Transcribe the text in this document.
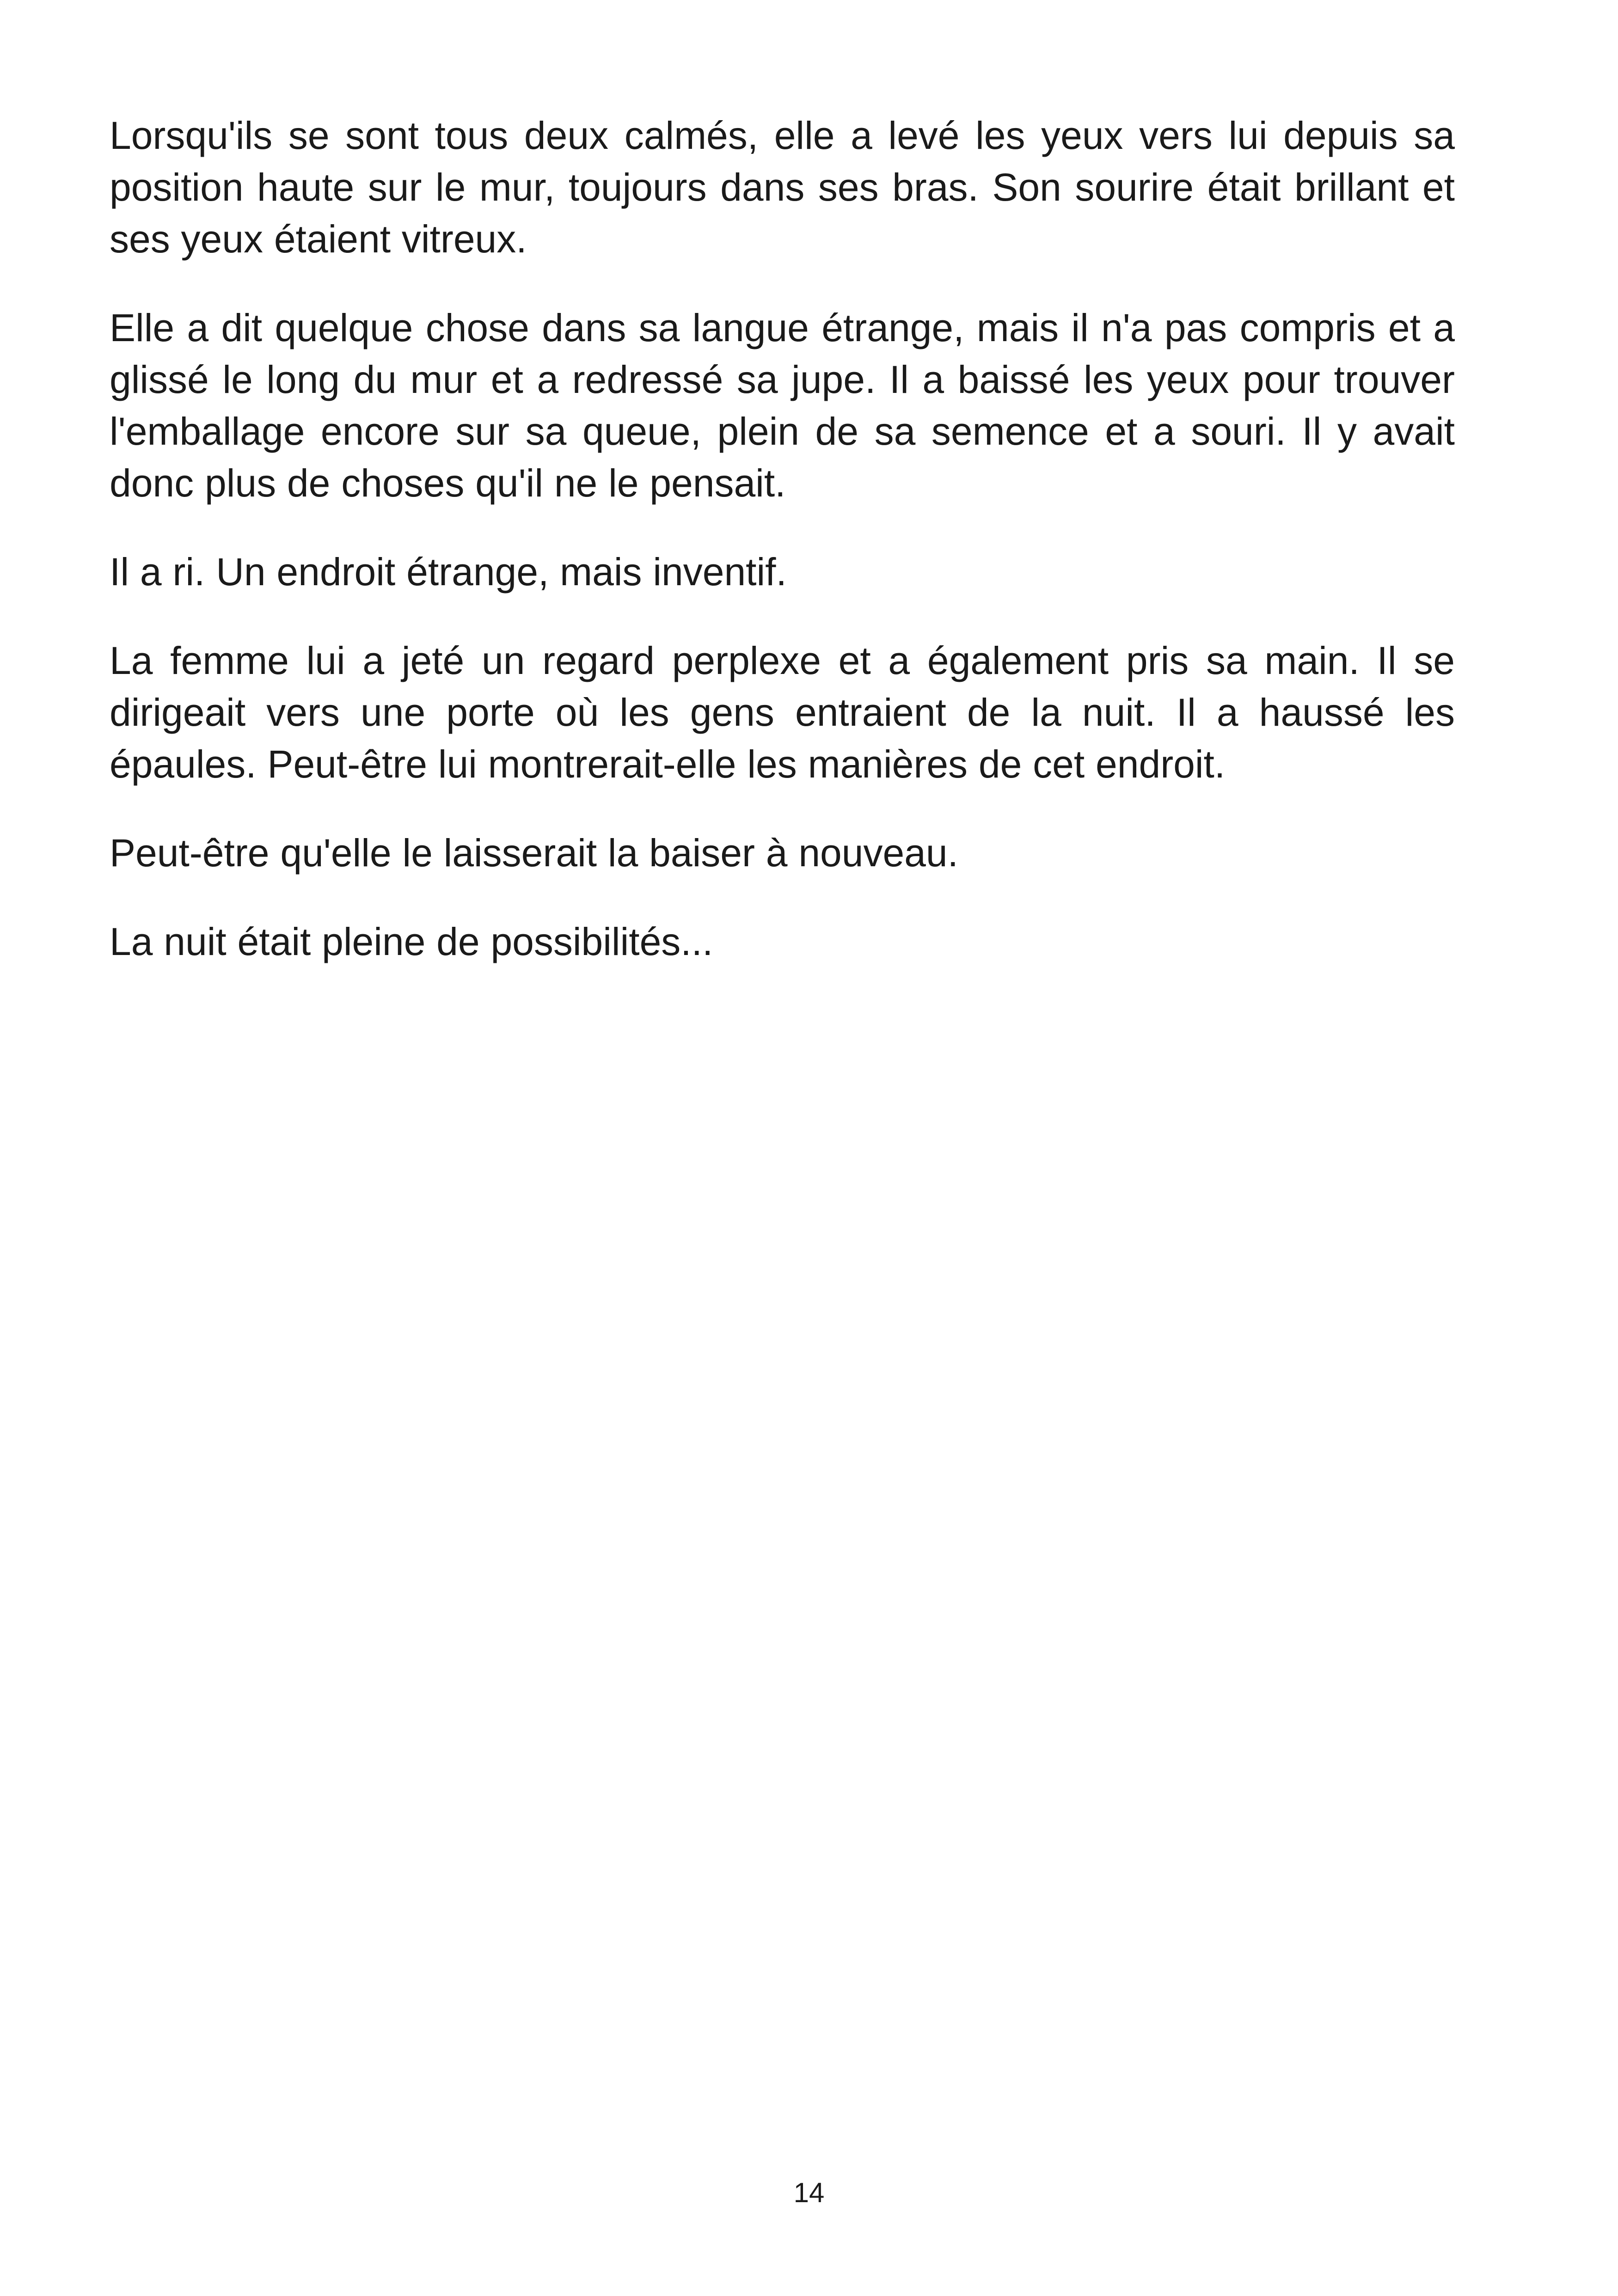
Lorsqu'ils se sont tous deux calmés, elle a levé les yeux vers lui depuis sa position haute sur le mur, toujours dans ses bras. Son sourire était brillant et ses yeux étaient vitreux.

Elle a dit quelque chose dans sa langue étrange, mais il n'a pas compris et a glissé le long du mur et a redressé sa jupe. Il a baissé les yeux pour trouver l'emballage encore sur sa queue, plein de sa semence et a souri. Il y avait donc plus de choses qu'il ne le pensait.

Il a ri. Un endroit étrange, mais inventif.

La femme lui a jeté un regard perplexe et a également pris sa main. Il se dirigeait vers une porte où les gens entraient de la nuit. Il a haussé les épaules. Peut-être lui montrerait-elle les manières de cet endroit.

Peut-être qu'elle le laisserait la baiser à nouveau.

La nuit était pleine de possibilités...

14
